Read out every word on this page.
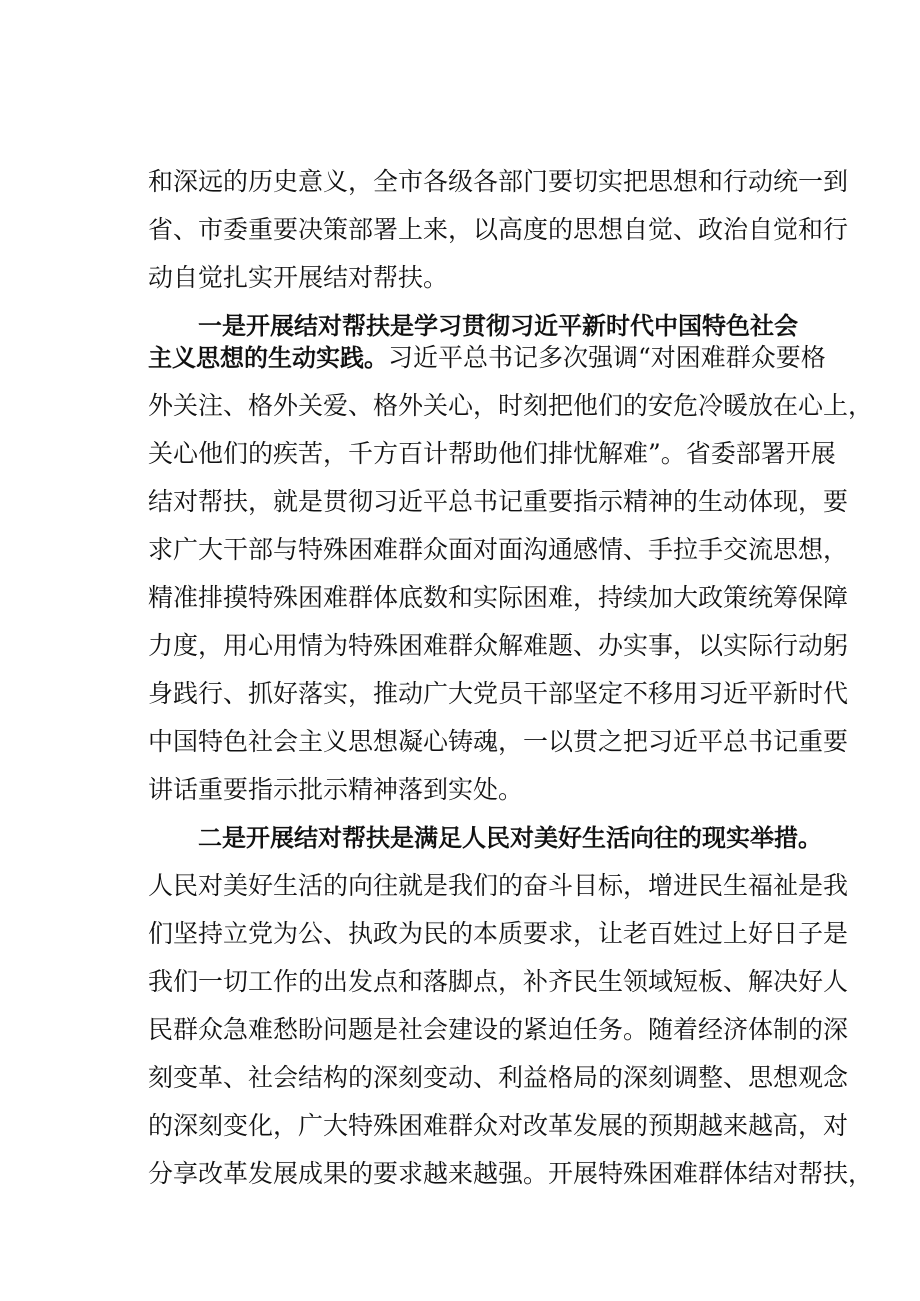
和深远的历史意义，全市各级各部门要切实把思想和行动统一到
省、市委重要决策部署上来，以高度的思想自觉、政治自觉和行
动自觉扎实开展结对帮扶。
一是开展结对帮扶是学习贯彻习近平新时代中国特色社会
主义思想的生动实践。习近平总书记多次强调“对困难群众要格
外关注、格外关爱、格外关心，时刻把他们的安危冷暖放在心上，
关心他们的疾苦，千方百计帮助他们排忧解难”。省委部署开展
结对帮扶，就是贯彻习近平总书记重要指示精神的生动体现，要
求广大干部与特殊困难群众面对面沟通感情、手拉手交流思想，
精准排摸特殊困难群体底数和实际困难，持续加大政策统筹保障
力度，用心用情为特殊困难群众解难题、办实事，以实际行动躬
身践行、抓好落实，推动广大党员干部坚定不移用习近平新时代
中国特色社会主义思想凝心铸魂，一以贯之把习近平总书记重要
讲话重要指示批示精神落到实处。
二是开展结对帮扶是满足人民对美好生活向往的现实举措。
人民对美好生活的向往就是我们的奋斗目标，增进民生福祉是我
们坚持立党为公、执政为民的本质要求，让老百姓过上好日子是
我们一切工作的出发点和落脚点，补齐民生领域短板、解决好人
民群众急难愁盼问题是社会建设的紧迫任务。随着经济体制的深
刻变革、社会结构的深刻变动、利益格局的深刻调整、思想观念
的深刻变化，广大特殊困难群众对改革发展的预期越来越高，对
分享改革发展成果的要求越来越强。开展特殊困难群体结对帮扶，
